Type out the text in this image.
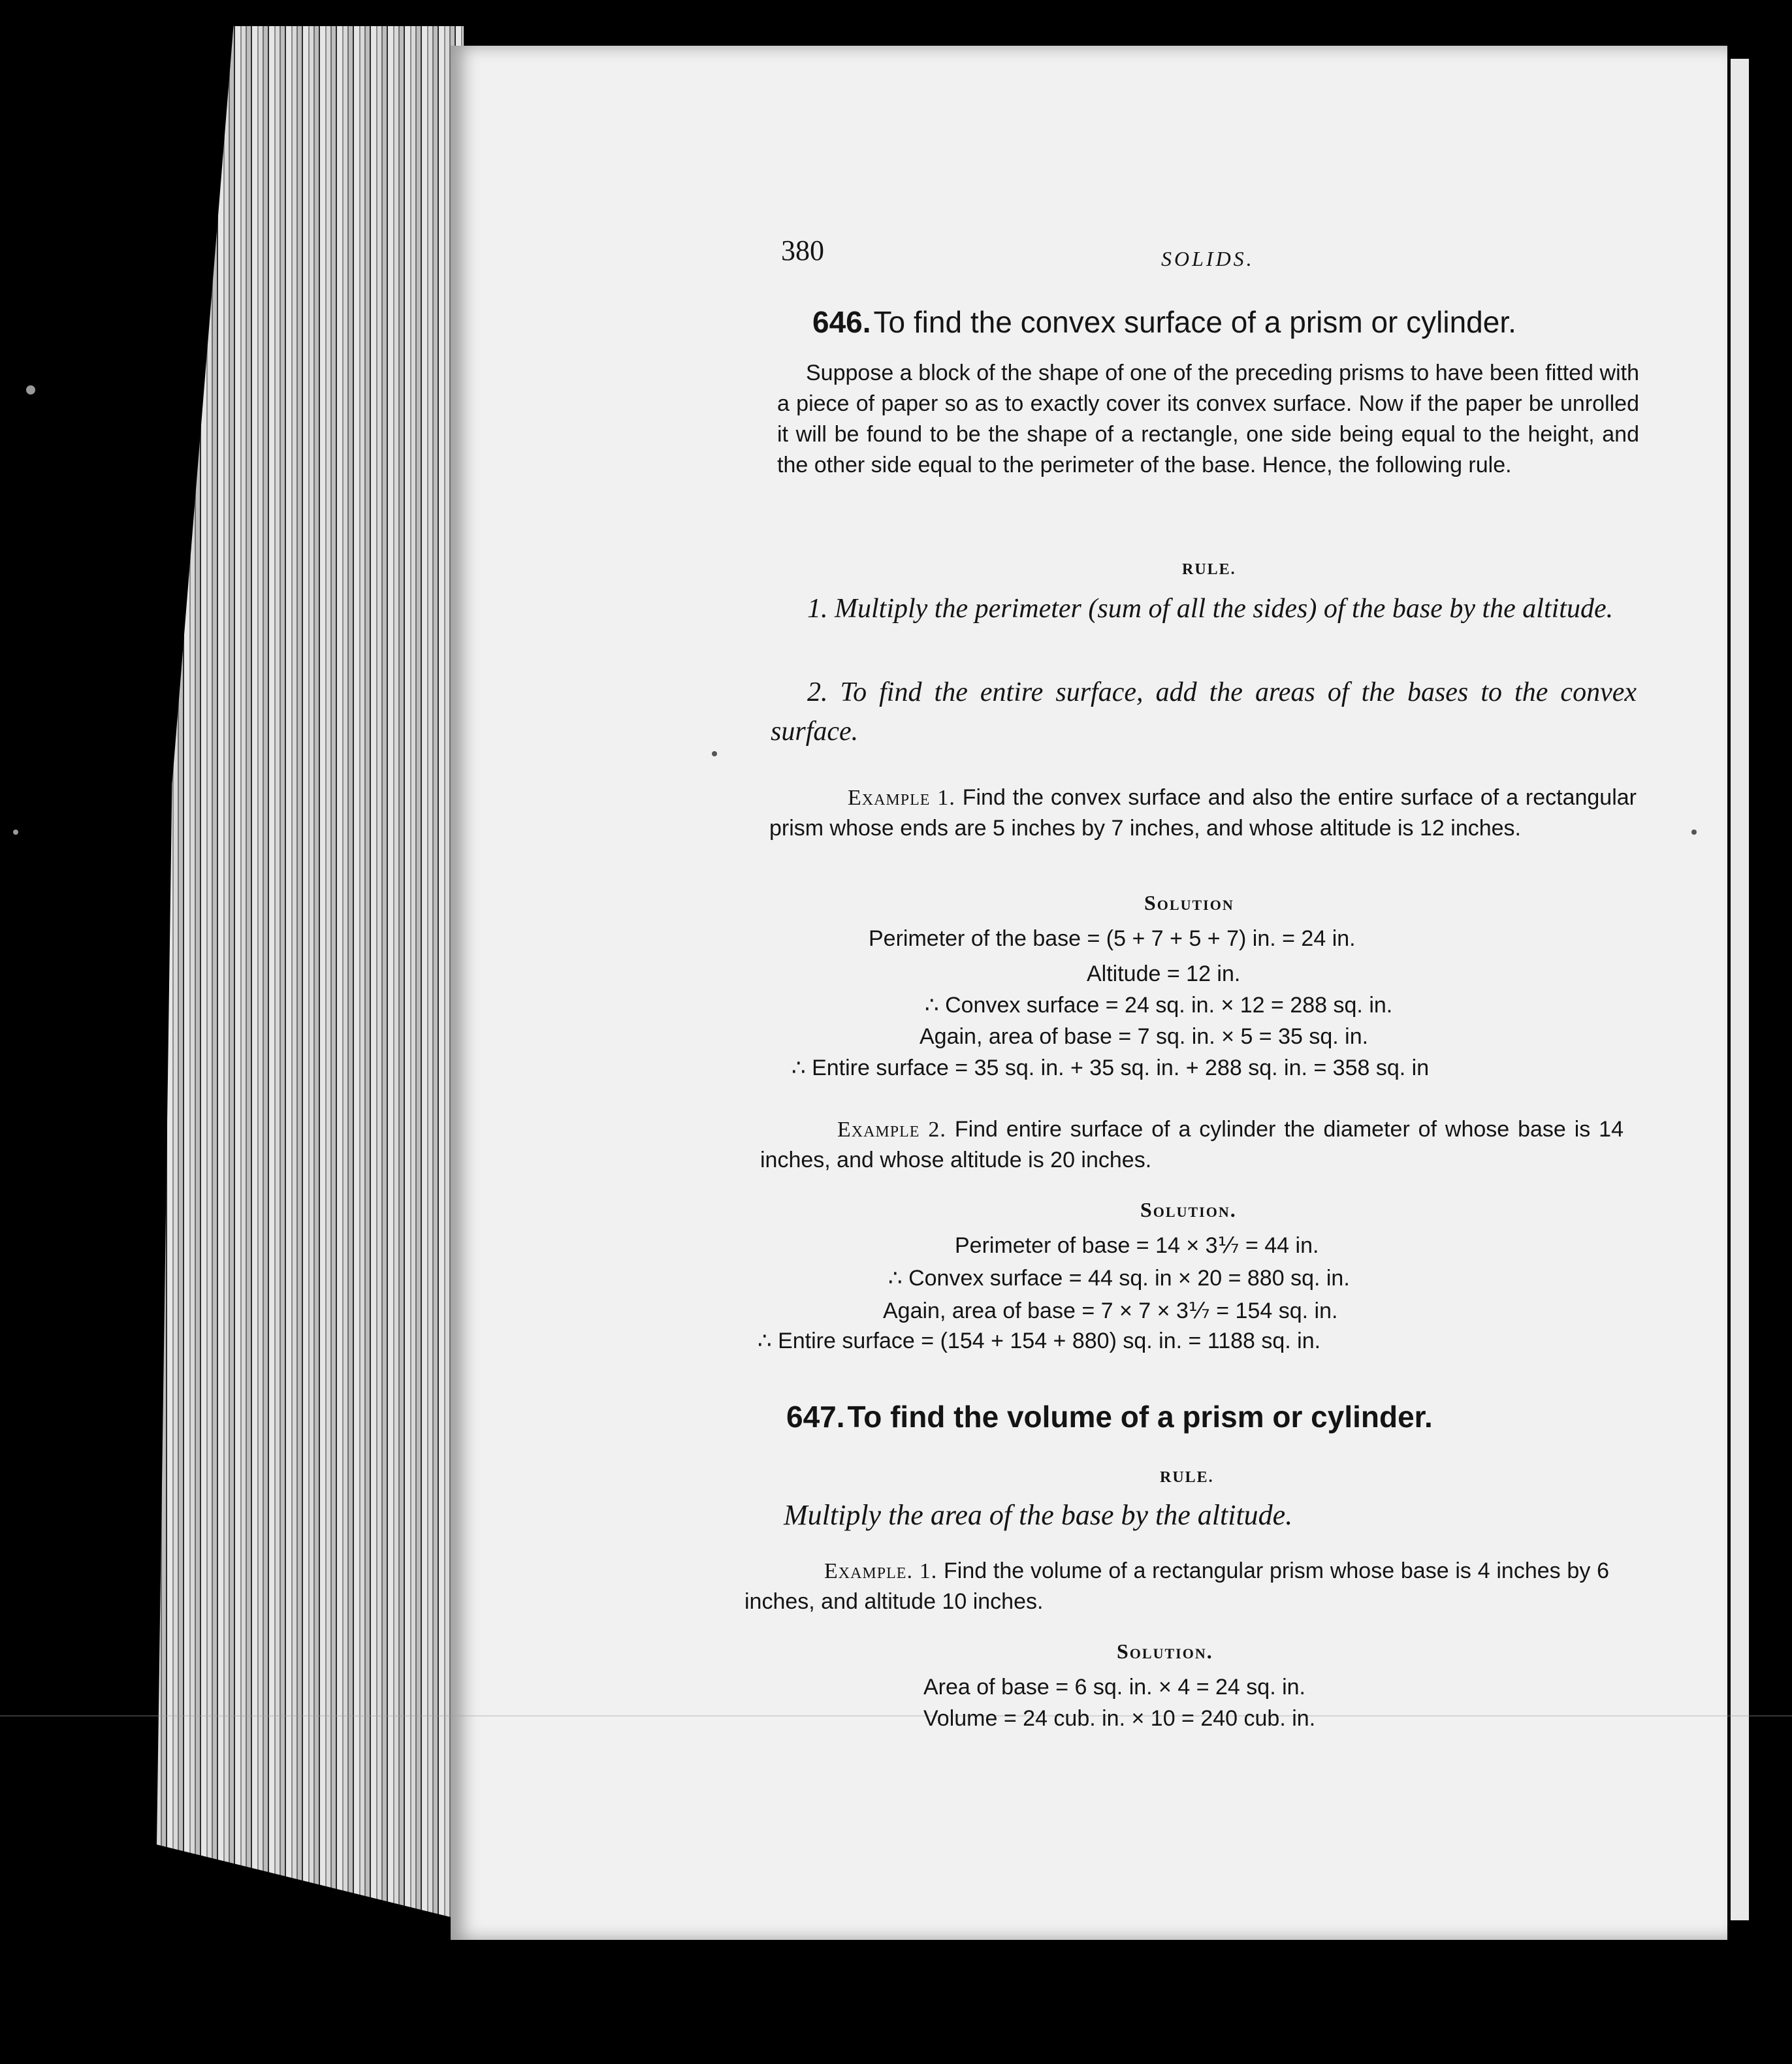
380	SOLIDS.
646. To find the convex surface of a prism or cylinder.

Suppose a block of the shape of one of the preceding prisms to have been fitted with a piece of paper so as to exactly cover its convex surface. Now if the paper be unrolled it will be found to be the shape of a rectangle, one side being equal to the height, and the other side equal to the perimeter of the base. Hence, the following rule.

RULE.

1. Multiply the perimeter (sum of all the sides) of the base by the altitude.

2. To find the entire surface, add the areas of the bases to the convex surface.

Example 1. Find the convex surface and also the entire surface of a rectangular prism whose ends are 5 inches by 7 inches, and whose altitude is 12 inches.

Solution
Perimeter of the base = (5 + 7 + 5 + 7) in. = 24 in.
Altitude = 12 in.
∴ Convex surface = 24 sq. in. × 12 = 288 sq. in.
Again, area of base = 7 sq. in. × 5 = 35 sq. in.
∴ Entire surface = 35 sq. in. + 35 sq. in. + 288 sq. in. = 358 sq. in

Example 2. Find entire surface of a cylinder the diameter of whose base is 14 inches, and whose altitude is 20 inches.

Solution.
Perimeter of base = 14 × 3⅐ = 44 in.
∴ Convex surface = 44 sq. in × 20 = 880 sq. in.
Again, area of base = 7 × 7 × 3⅐ = 154 sq. in.
∴ Entire surface = (154 + 154 + 880) sq. in. = 1188 sq. in.
647. To find the volume of a prism or cylinder.
RULE.
Multiply the area of the base by the altitude.

Example. 1. Find the volume of a rectangular prism whose base is 4 inches by 6 inches, and altitude 10 inches.

Solution.
Area of base = 6 sq. in. × 4 = 24 sq. in.
Volume = 24 cub. in. × 10 = 240 cub. in.
